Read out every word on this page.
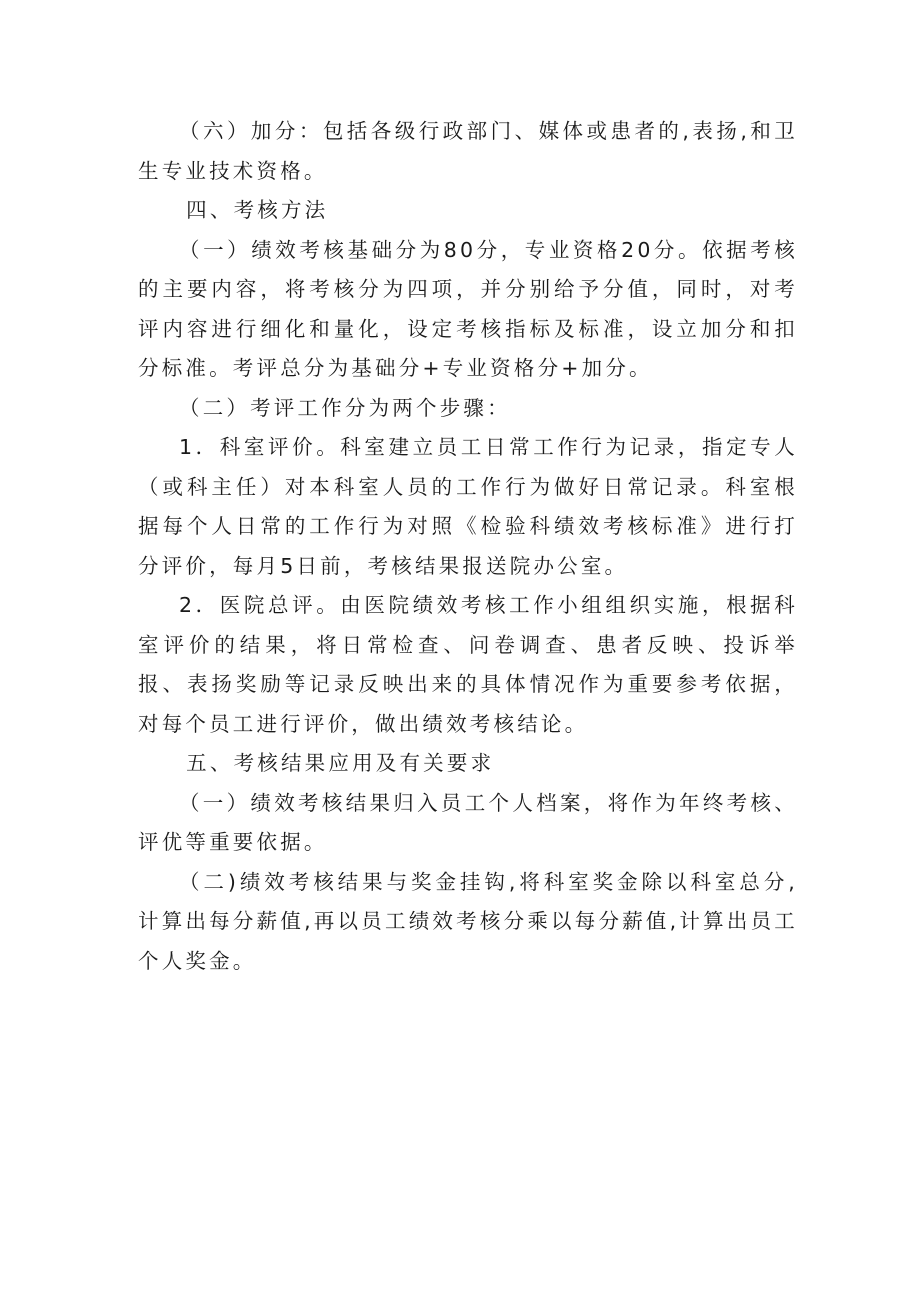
（六）加分：包括各级行政部门、媒体或患者的,表扬,和卫生专业技术资格。

四、考核方法

（一）绩效考核基础分为80分，专业资格20分。依据考核的主要内容，将考核分为四项，并分别给予分值，同时，对考评内容进行细化和量化，设定考核指标及标准，设立加分和扣分标准。考评总分为基础分+专业资格分+加分。

（二）考评工作分为两个步骤：

1．科室评价。科室建立员工日常工作行为记录，指定专人（或科主任）对本科室人员的工作行为做好日常记录。科室根据每个人日常的工作行为对照《检验科绩效考核标准》进行打分评价，每月5日前，考核结果报送院办公室。

2．医院总评。由医院绩效考核工作小组组织实施，根据科室评价的结果，将日常检查、问卷调查、患者反映、投诉举报、表扬奖励等记录反映出来的具体情况作为重要参考依据，对每个员工进行评价，做出绩效考核结论。

五、考核结果应用及有关要求

（一）绩效考核结果归入员工个人档案，将作为年终考核、评优等重要依据。

（二)绩效考核结果与奖金挂钩,将科室奖金除以科室总分,计算出每分薪值,再以员工绩效考核分乘以每分薪值,计算出员工个人奖金。
